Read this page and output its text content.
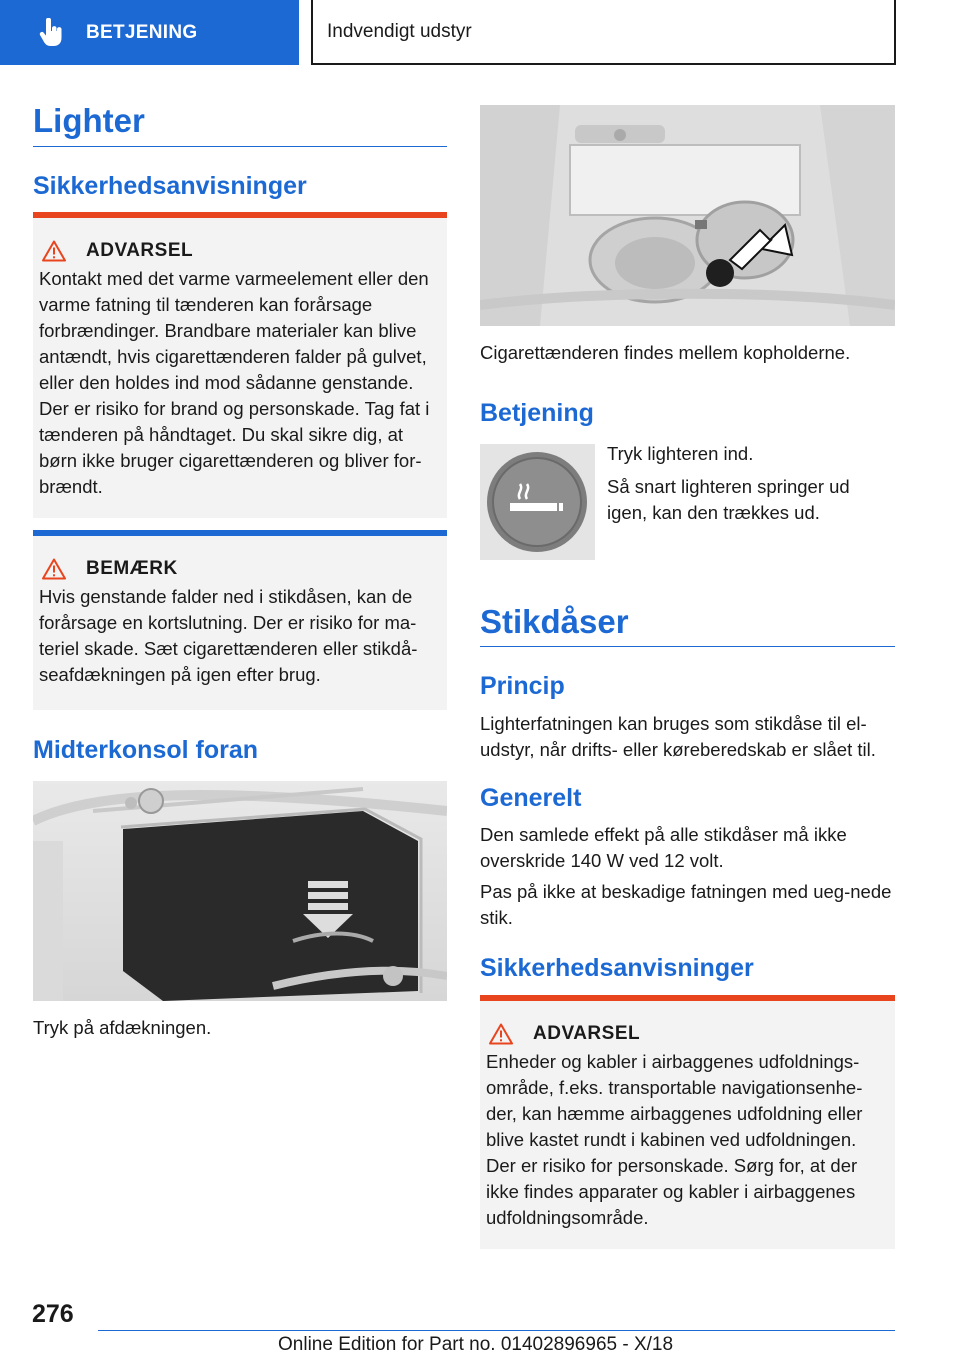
BETJENING	Indvendigt udstyr
Lighter
Sikkerhedsanvisninger
ADVARSEL
Kontakt med det varme varmeelement eller den varme fatning til tænderen kan forårsage forbrændinger. Brandbare materialer kan blive antændt, hvis cigarettænderen falder på gulvet, eller den holdes ind mod sådanne genstande. Der er risiko for brand og personskade. Tag fat i tænderen på håndtaget. Du skal sikre dig, at børn ikke bruger cigarettænderen og bliver for-brændt.
BEMÆRK
Hvis genstande falder ned i stikdåsen, kan de forårsage en kortslutning. Der er risiko for ma-teriel skade. Sæt cigarettænderen eller stikdå-seafdækningen på igen efter brug.
Midterkonsol foran
Tryk på afdækningen.
Cigarettænderen findes mellem kopholderne.
Betjening
Tryk lighteren ind.
Så snart lighteren springer ud igen, kan den trækkes ud.
Stikdåser
Princip
Lighterfatningen kan bruges som stikdåse til el-udstyr, når drifts- eller køreberedskab er slået til.
Generelt
Den samlede effekt på alle stikdåser må ikke overskride 140 W ved 12 volt.
Pas på ikke at beskadige fatningen med ueg-nede stik.
Sikkerhedsanvisninger
ADVARSEL
Enheder og kabler i airbaggenes udfoldnings-område, f.eks. transportable navigationsenhe-der, kan hæmme airbaggenes udfoldning eller blive kastet rundt i kabinen ved udfoldningen. Der er risiko for personskade. Sørg for, at der ikke findes apparater og kabler i airbaggenes udfoldningsområde.
276
Online Edition for Part no. 01402896965 - X/18
